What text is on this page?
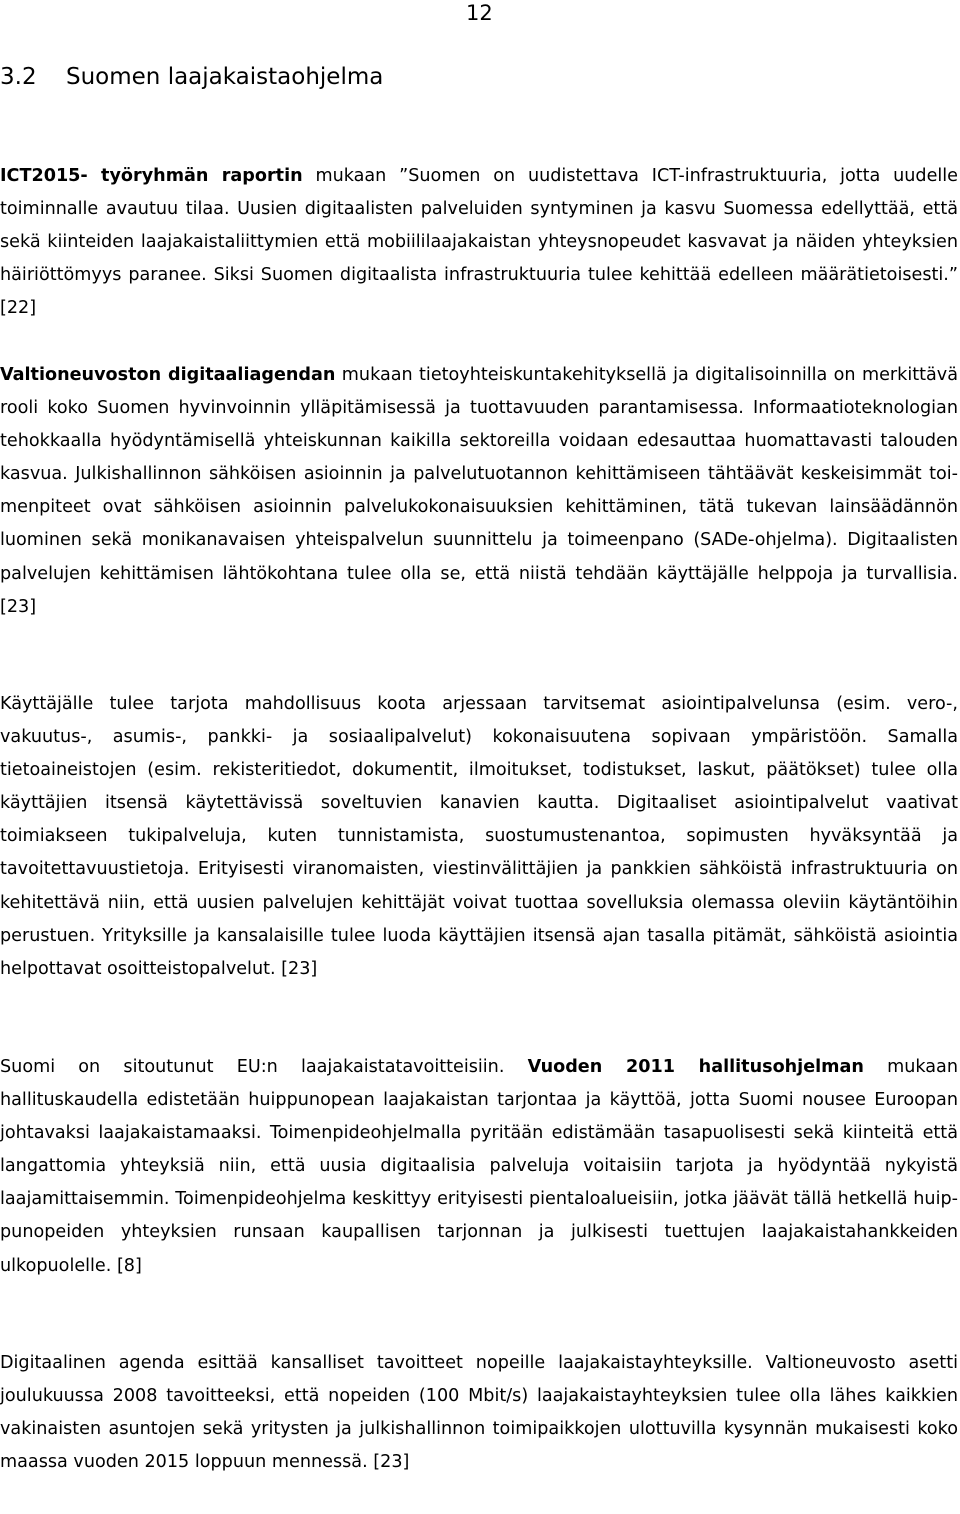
12
3.2 Suomen laajakaistaohjelma

ICT2015- työryhmän raportin mukaan ”Suomen on uudistettava ICT-infrastruktuuria, jotta uudelle toiminnalle avautuu tilaa. Uusien digitaalisten palveluiden syntyminen ja kasvu Suomessa edellyttää, että sekä kiinteiden laajakaistaliittymien että mobiililaajakaistan yhteysnopeudet kasvavat ja näiden yhteyksien häiriöttömyys paranee. Siksi Suomen digitaalista infrastruktuuria tulee kehittää edelleen määrätietoisesti.” [22]

Valtioneuvoston digitaaliagendan mukaan tietoyhteiskuntakehityksellä ja digitalisoinnilla on merkittävä rooli koko Suomen hyvinvoinnin ylläpitämisessä ja tuottavuuden parantamisessa. Informaatioteknologian tehokkaalla hyödyntämisellä yhteiskunnan kaikilla sektoreilla voidaan edesauttaa huomattavasti talouden kasvua. Julkishallinnon sähköisen asioinnin ja palvelutuotannon kehittämiseen tähtäävät keskeisimmät toimenpiteet ovat sähköisen asioinnin palvelukokonaisuuksien kehittäminen, tätä tukevan lainsäädännön luominen sekä monikanavaisen yhteispalvelun suunnittelu ja toimeenpano (SADe-ohjelma). Digitaalisten palvelujen kehittämisen lähtökohtana tulee olla se, että niistä tehdään käyttäjälle helppoja ja turvallisia. [23]

Käyttäjälle tulee tarjota mahdollisuus koota arjessaan tarvitsemat asiointipalvelunsa (esim. vero-, vakuutus-, asumis-, pankki- ja sosiaalipalvelut) kokonaisuutena sopivaan ympäristöön. Samalla tietoaineistojen (esim. rekisteritiedot, dokumentit, ilmoitukset, todistukset, laskut, päätökset) tulee olla käyttäjien itsensä käytettävissä soveltuvien kanavien kautta. Digitaaliset asiointipalvelut vaativat toimiakseen tukipalveluja, kuten tunnistamista, suostumustenantoa, sopimusten hyväksyntää ja tavoitettavuustietoja. Erityisesti viranomaisten, viestinvälittäjien ja pankkien sähköistä infrastruktuuria on kehitettävä niin, että uusien palvelujen kehittäjät voivat tuottaa sovelluksia olemassa oleviin käytäntöihin perustuen. Yrityksille ja kansalaisille tulee luoda käyttäjien itsensä ajan tasalla pitämät, sähköistä asiointia helpottavat osoitteistopalvelut. [23]

Suomi on sitoutunut EU:n laajakaistatavoitteisiin. Vuoden 2011 hallitusohjelman mukaan hallituskaudella edistetään huippunopean laajakaistan tarjontaa ja käyttöä, jotta Suomi nousee Euroopan johtavaksi laajakaistamaaksi. Toimenpideohjelmalla pyritään edistämään tasapuolisesti sekä kiinteitä että langattomia yhteyksiä niin, että uusia digitaalisia palveluja voitaisiin tarjota ja hyödyntää nykyistä laajamittaisemmin. Toimenpideohjelma keskittyy erityisesti pientaloalueisiin, jotka jäävät tällä hetkellä huippunopeiden yhteyksien runsaan kaupallisen tarjonnan ja julkisesti tuettujen laajakaistahankkeiden ulkopuolelle. [8]

Digitaalinen agenda esittää kansalliset tavoitteet nopeille laajakaistayhteyksille. Valtioneuvosto asetti joulukuussa 2008 tavoitteeksi, että nopeiden (100 Mbit/s) laajakaistayhteyksien tulee olla lähes kaikkien vakinaisten asuntojen sekä yritysten ja julkishallinnon toimipaikkojen ulottuvilla kysynnän mukaisesti koko maassa vuoden 2015 loppuun mennessä. [23]
